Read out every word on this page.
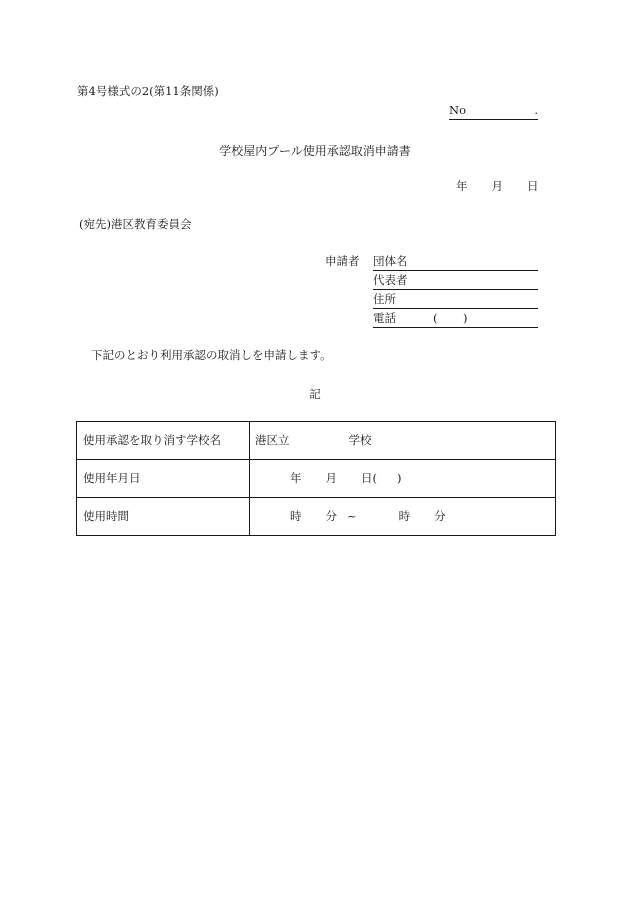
第4号様式の2(第11条関係)
No	.
学校屋内プール使用承認取消申請書
年 月 日
(宛先)港区教育委員会
申請者 団体名
代表者
住所
電話	( )
下記のとおり利用承認の取消しを申請します。
記
使用承認を取り消す学校名	港区立 学校
使用年月日	年 月 日( )
使用時間	時 分 ~ 時 分
